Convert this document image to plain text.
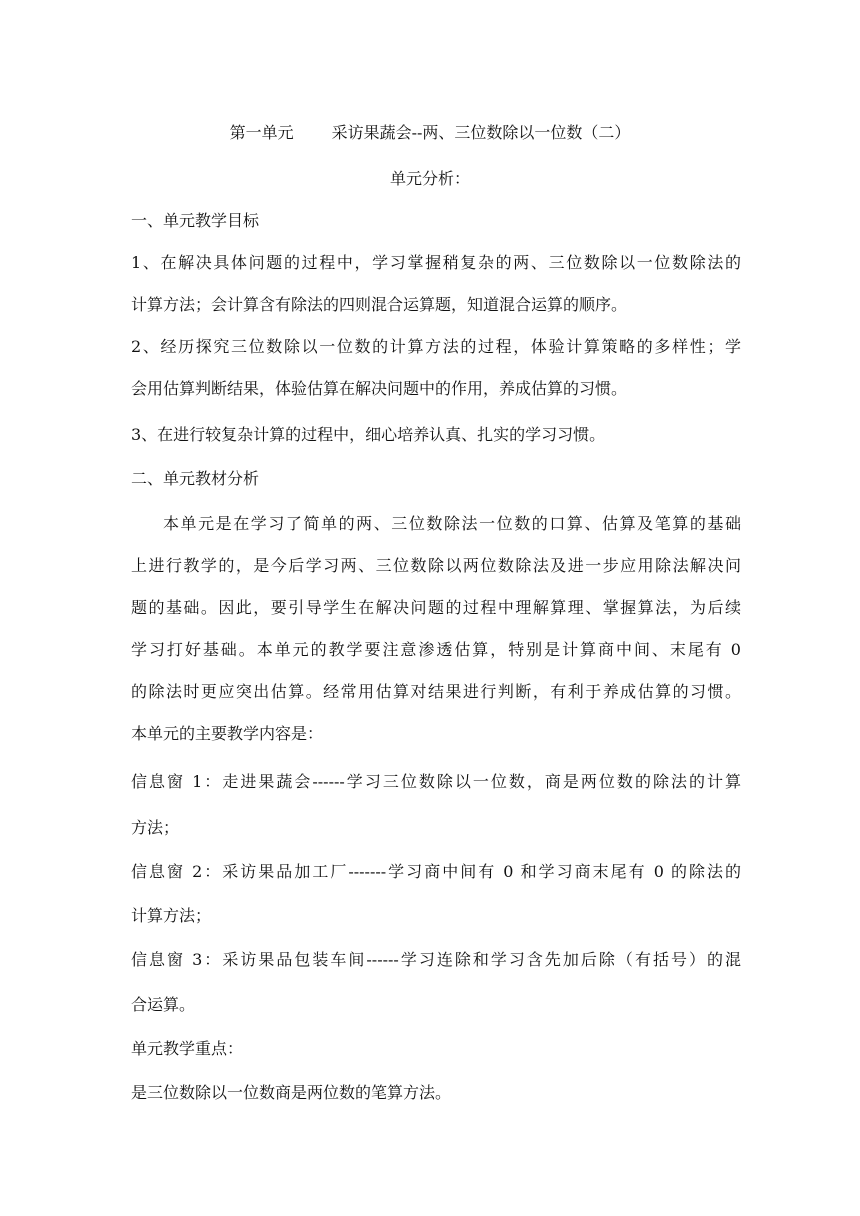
第一单元 采访果蔬会--两、三位数除以一位数（二）
单元分析：
一、单元教学目标
1、在解决具体问题的过程中，学习掌握稍复杂的两、三位数除以一位数除法的
计算方法；会计算含有除法的四则混合运算题，知道混合运算的顺序。
2、经历探究三位数除以一位数的计算方法的过程，体验计算策略的多样性；学
会用估算判断结果，体验估算在解决问题中的作用，养成估算的习惯。
3、在进行较复杂计算的过程中，细心培养认真、扎实的学习习惯。
二、单元教材分析
本单元是在学习了简单的两、三位数除法一位数的口算、估算及笔算的基础
上进行教学的，是今后学习两、三位数除以两位数除法及进一步应用除法解决问
题的基础。因此，要引导学生在解决问题的过程中理解算理、掌握算法，为后续
学习打好基础。本单元的教学要注意渗透估算，特别是计算商中间、末尾有 0
的除法时更应突出估算。经常用估算对结果进行判断，有利于养成估算的习惯。
本单元的主要教学内容是：
信息窗 1：走进果蔬会------学习三位数除以一位数，商是两位数的除法的计算
方法；
信息窗 2：采访果品加工厂-------学习商中间有 0 和学习商末尾有 0 的除法的
计算方法；
信息窗 3：采访果品包装车间------学习连除和学习含先加后除（有括号）的混
合运算。
单元教学重点：
是三位数除以一位数商是两位数的笔算方法。
